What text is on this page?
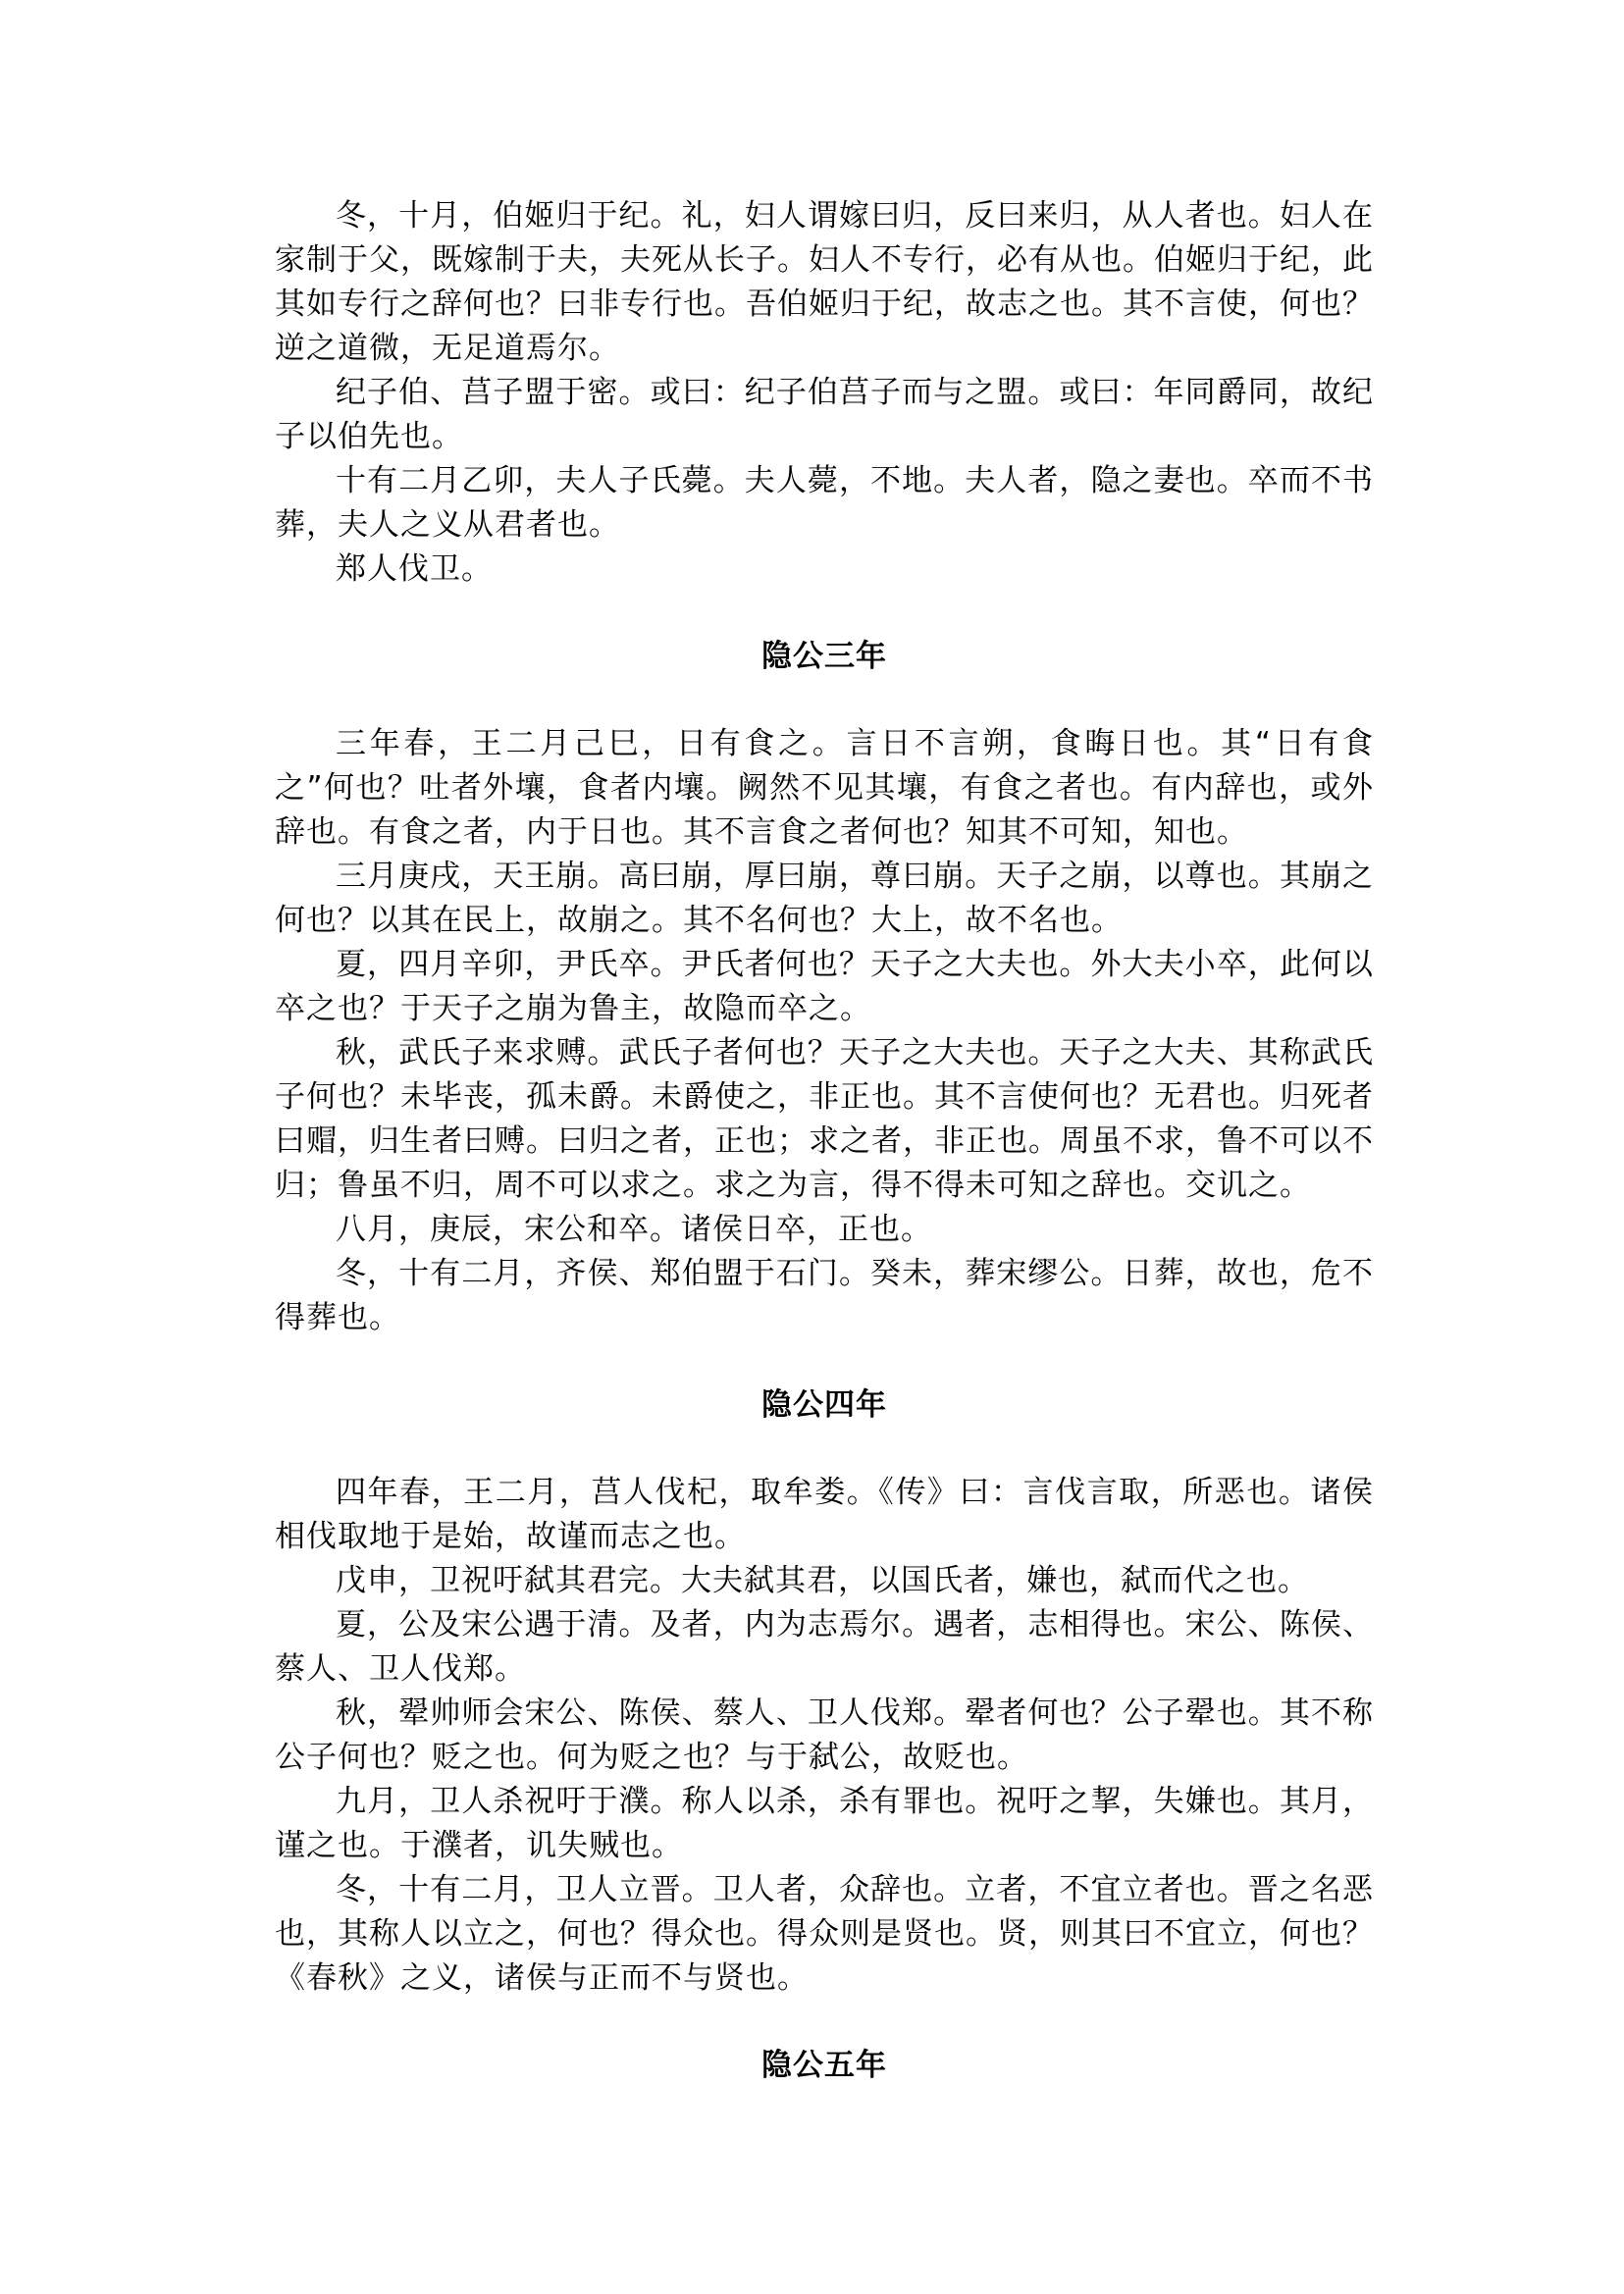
冬，十月，伯姬归于纪。礼，妇人谓嫁曰归，反曰来归，从人者也。妇人在家制于父，既嫁制于夫，夫死从长子。妇人不专行，必有从也。伯姬归于纪，此其如专行之辞何也？曰非专行也。吾伯姬归于纪，故志之也。其不言使，何也？逆之道微，无足道焉尔。

纪子伯、莒子盟于密。或曰：纪子伯莒子而与之盟。或曰：年同爵同，故纪子以伯先也。

十有二月乙卯，夫人子氏薨。夫人薨，不地。夫人者，隐之妻也。卒而不书葬，夫人之义从君者也。

郑人伐卫。

隐公三年

三年春，王二月己巳，日有食之。言日不言朔，食晦日也。其“日有食之”何也？吐者外壤，食者内壤。阙然不见其壤，有食之者也。有内辞也，或外辞也。有食之者，内于日也。其不言食之者何也？知其不可知，知也。

三月庚戌，天王崩。高曰崩，厚曰崩，尊曰崩。天子之崩，以尊也。其崩之何也？以其在民上，故崩之。其不名何也？大上，故不名也。

夏，四月辛卯，尹氏卒。尹氏者何也？天子之大夫也。外大夫小卒，此何以卒之也？于天子之崩为鲁主，故隐而卒之。

秋，武氏子来求赙。武氏子者何也？天子之大夫也。天子之大夫、其称武氏子何也？未毕丧，孤未爵。未爵使之，非正也。其不言使何也？无君也。归死者曰赗，归生者曰赙。曰归之者，正也；求之者，非正也。周虽不求，鲁不可以不归；鲁虽不归，周不可以求之。求之为言，得不得未可知之辞也。交讥之。

八月，庚辰，宋公和卒。诸侯日卒，正也。

冬，十有二月，齐侯、郑伯盟于石门。癸未，葬宋缪公。日葬，故也，危不得葬也。

隐公四年

四年春，王二月，莒人伐杞，取牟娄。《传》曰：言伐言取，所恶也。诸侯相伐取地于是始，故谨而志之也。

戊申，卫祝吁弑其君完。大夫弑其君，以国氏者，嫌也，弑而代之也。

夏，公及宋公遇于清。及者，内为志焉尔。遇者，志相得也。宋公、陈侯、蔡人、卫人伐郑。

秋，翚帅师会宋公、陈侯、蔡人、卫人伐郑。翚者何也？公子翚也。其不称公子何也？贬之也。何为贬之也？与于弑公，故贬也。

九月，卫人杀祝吁于濮。称人以杀，杀有罪也。祝吁之挈，失嫌也。其月，谨之也。于濮者，讥失贼也。

冬，十有二月，卫人立晋。卫人者，众辞也。立者，不宜立者也。晋之名恶也，其称人以立之，何也？得众也。得众则是贤也。贤，则其曰不宜立，何也？《春秋》之义，诸侯与正而不与贤也。

隐公五年
